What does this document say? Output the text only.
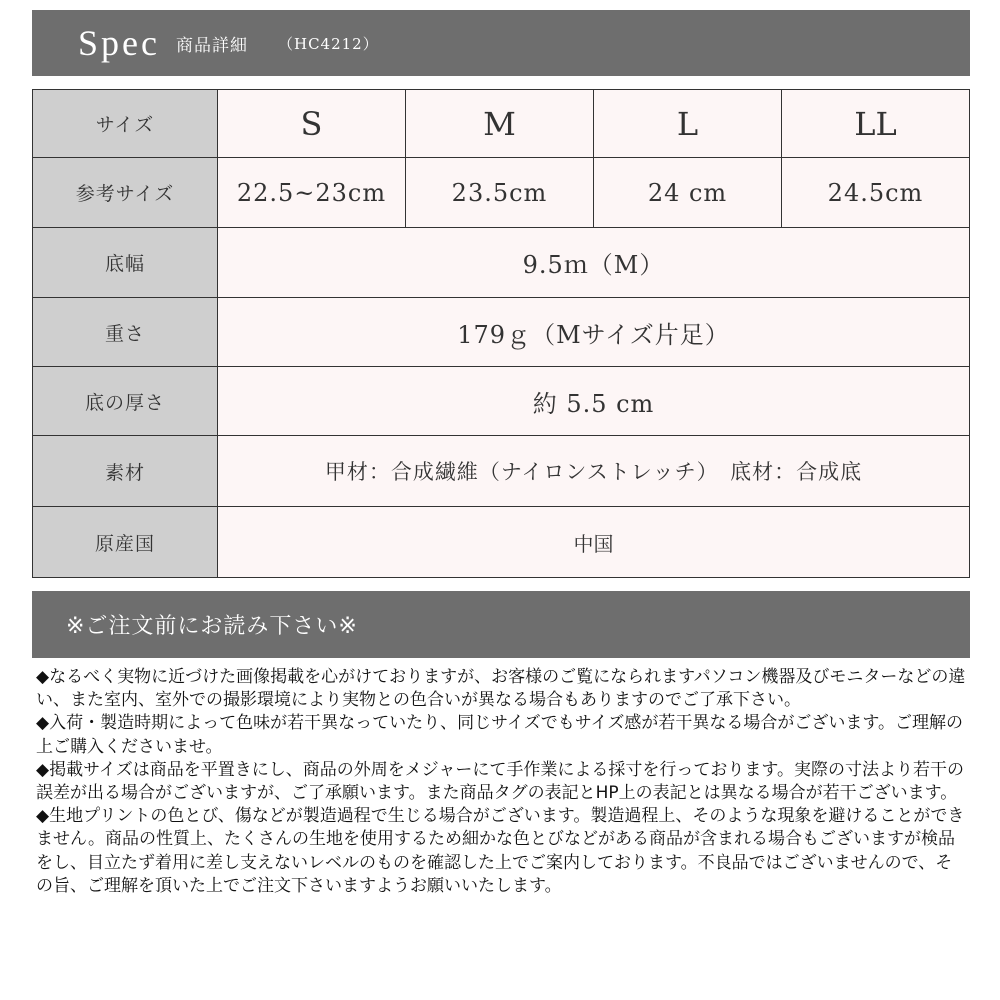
Spec 商品詳細 （HC4212）
サイズ	S	M	L	LL
参考サイズ	22.5~23cm	23.5cm	24 cm	24.5cm
底幅	9.5ｍ（M）			
重さ	179ｇ（Mサイズ片足）			
底の厚さ	約 5.5 cm			
素材	甲材：合成繊維（ナイロンストレッチ）　底材：合成底			
原産国	中国			
※ご注文前にお読み下さい※

◆なるべく実物に近づけた画像掲載を心がけておりますが、お客様のご覧になられますパソコン機器及びモニターなどの違い、また室内、室外での撮影環境により実物との色合いが異なる場合もありますのでご了承下さい。

◆入荷・製造時期によって色味が若干異なっていたり、同じサイズでもサイズ感が若干異なる場合がございます。ご理解の上ご購入くださいませ。

◆掲載サイズは商品を平置きにし、商品の外周をメジャーにて手作業による採寸を行っております。実際の寸法より若干の誤差が出る場合がございますが、ご了承願います。また商品タグの表記とHP上の表記とは異なる場合が若干ございます。

◆生地プリントの色とび、傷などが製造過程で生じる場合がございます。製造過程上、そのような現象を避けることができません。商品の性質上、たくさんの生地を使用するため細かな色とびなどがある商品が含まれる場合もございますが検品をし、目立たず着用に差し支えないレベルのものを確認した上でご案内しております。不良品ではございませんので、その旨、ご理解を頂いた上でご注文下さいますようお願いいたします。
